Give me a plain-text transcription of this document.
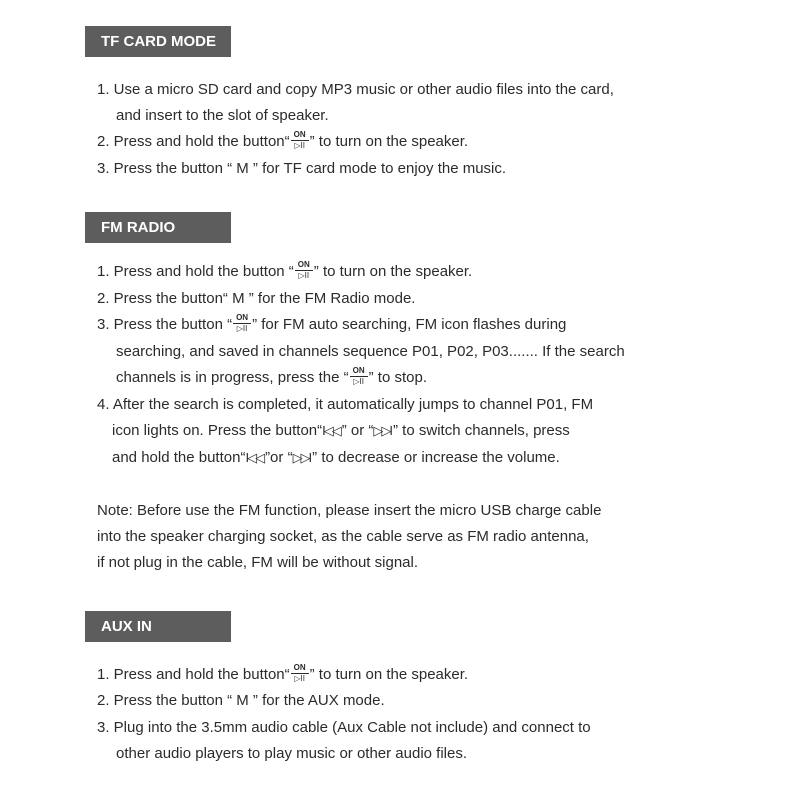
TF CARD MODE
1. Use a micro SD card and copy MP3 music or other audio files into the card,
and insert to the slot of speaker.
2. Press and hold the button“ $\frac{ON}{▷II}$ ” to turn on the speaker.
3. Press the button “ M ” for TF card mode to enjoy the music.
FM RADIO
1. Press and hold the button “ $\frac{ON}{▷II}$ ” to turn on the speaker.
2. Press the button“ M ” for the FM Radio mode.
3. Press the button “ $\frac{ON}{▷II}$ ” for FM auto searching, FM icon flashes during
searching, and saved in channels sequence P01, P02, P03....... If the search
channels is in progress, press the “ $\frac{ON}{▷II}$ ” to stop.
4. After the search is completed, it automatically jumps to channel P01, FM
icon lights on. Press the button“I◁◁ ” or “▷▷I ” to switch channels, press
and hold the button“I◁◁ ”or “▷▷I ” to decrease or increase the volume.
Note: Before use the FM function, please insert the micro USB charge cable
into the speaker charging socket, as the cable serve as FM radio antenna,
if not plug in the cable, FM will be without signal.
AUX IN
1. Press and hold the button“ $\frac{ON}{▷II}$ ” to turn on the speaker.
2. Press the button “ M ” for the AUX mode.
3. Plug into the 3.5mm audio cable (Aux Cable not include) and connect to
other audio players to play music or other audio files.
